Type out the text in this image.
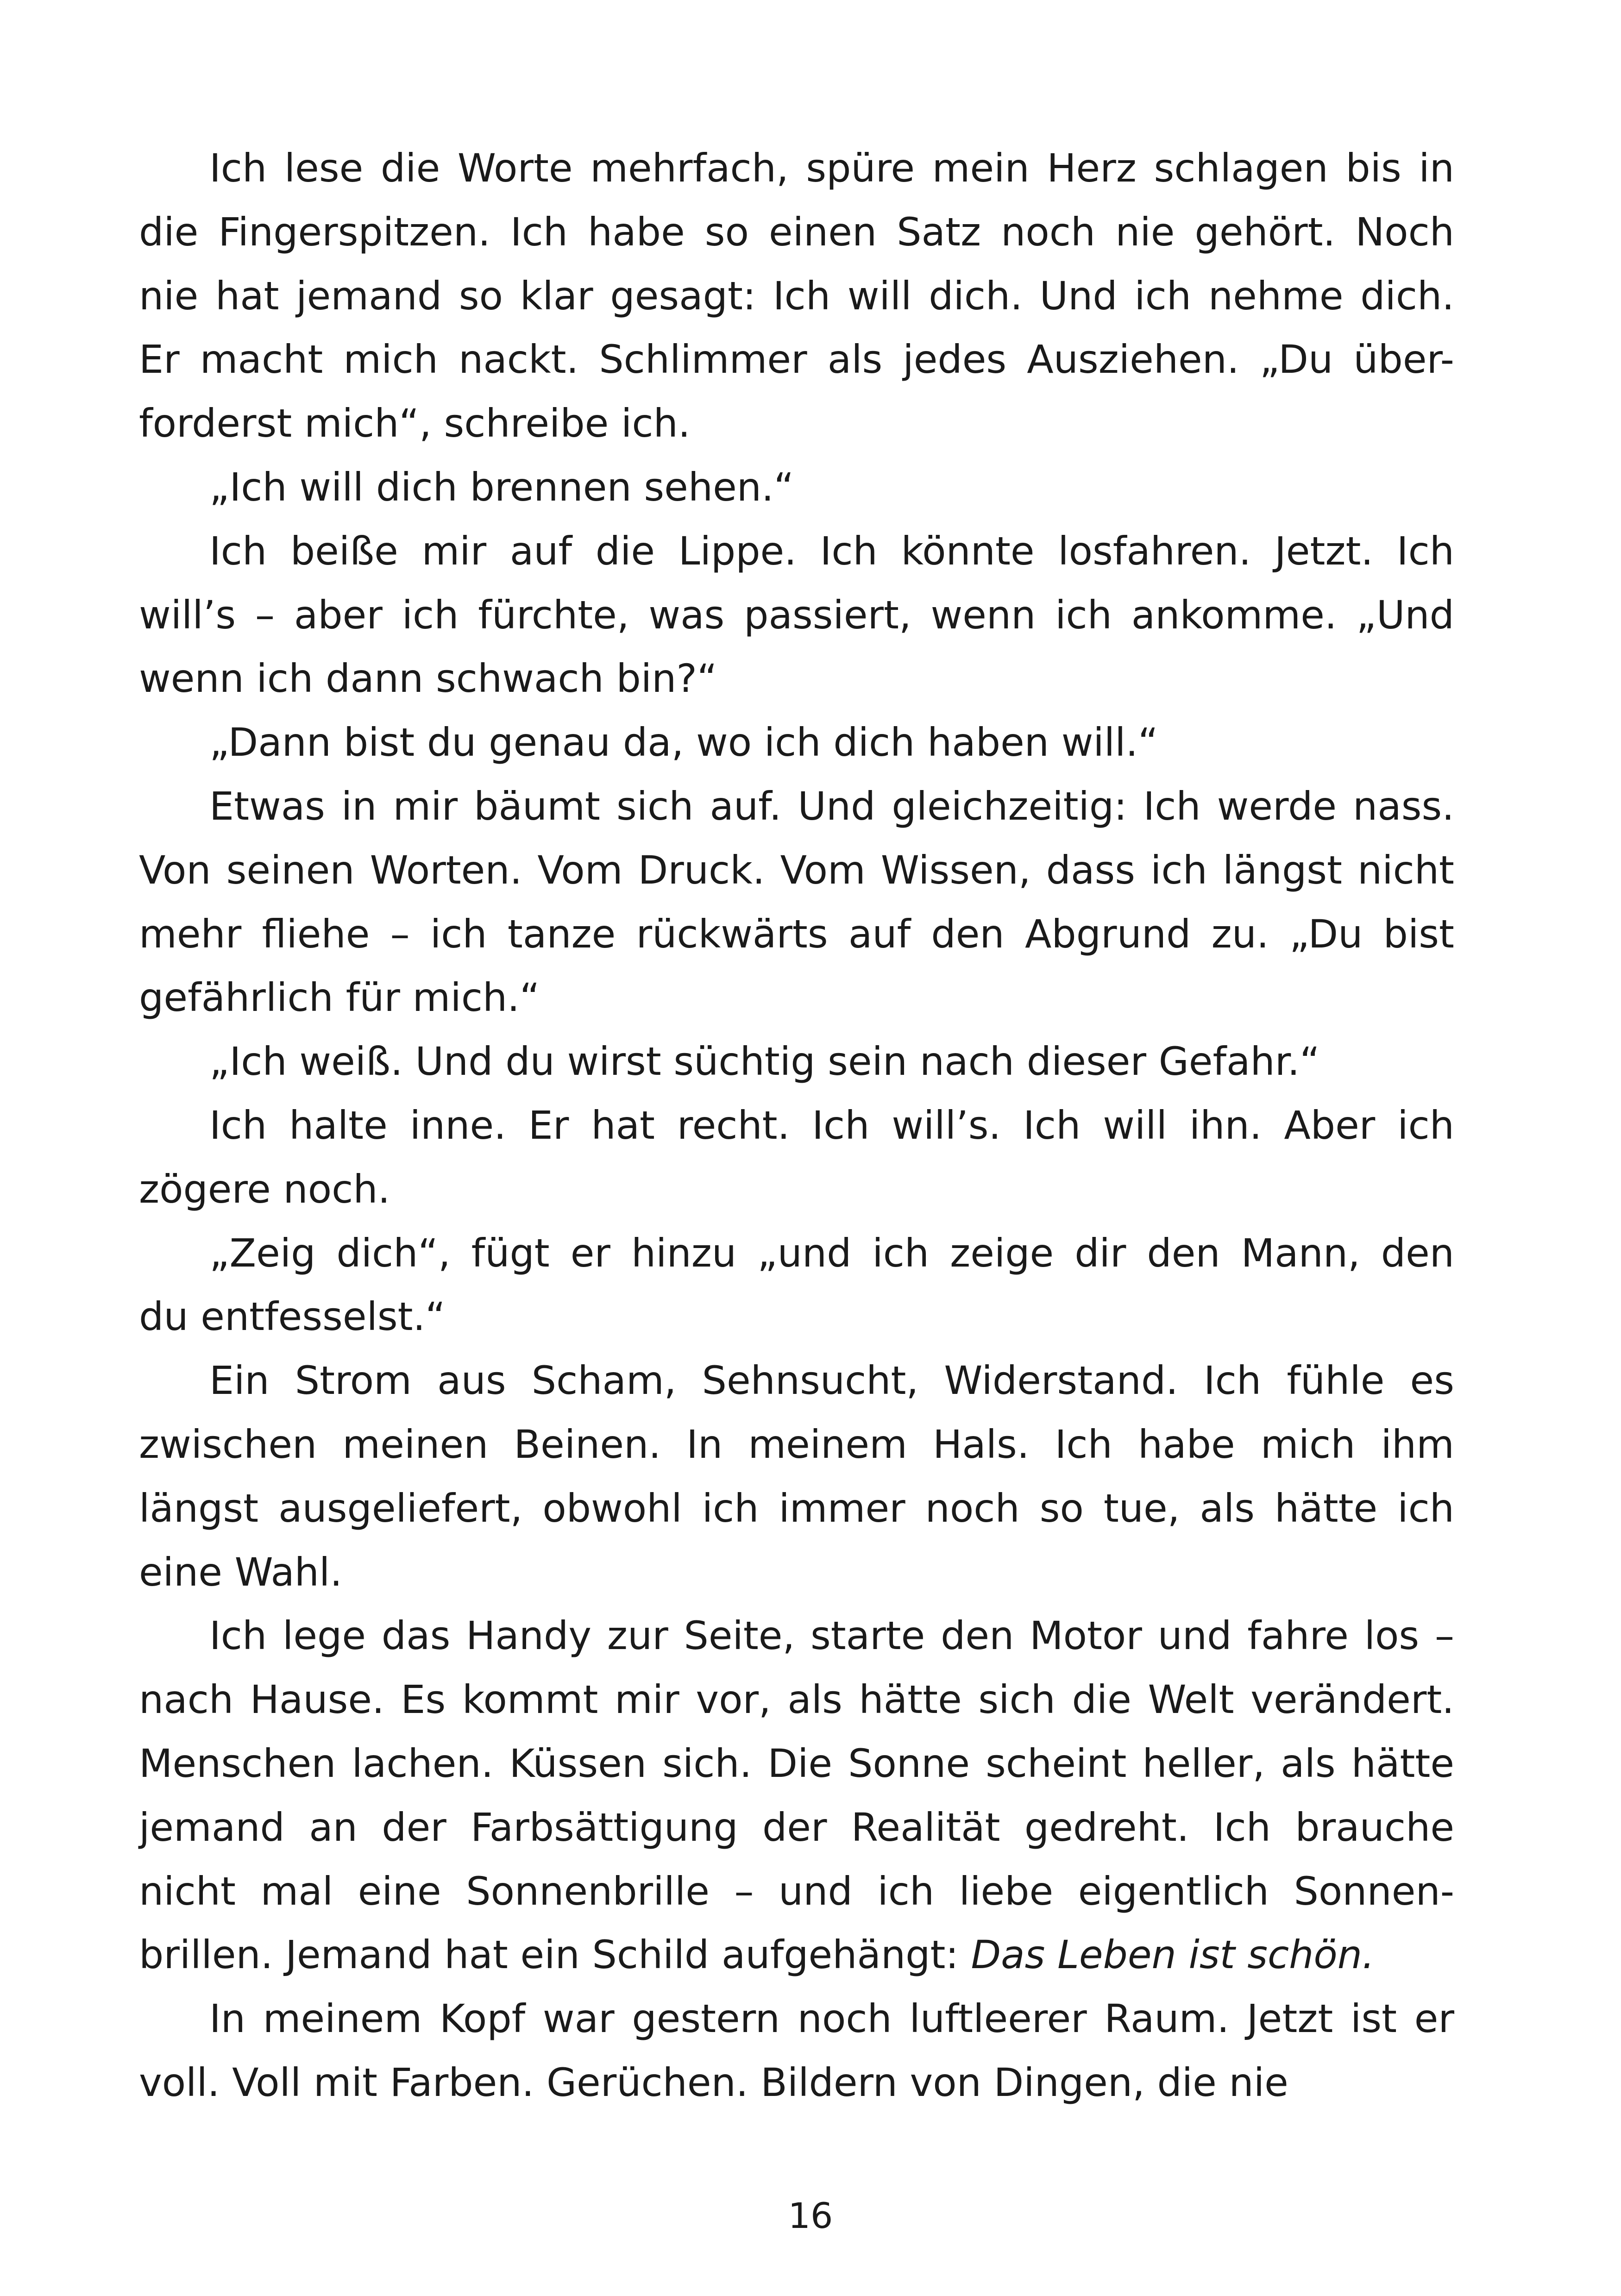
Ich lese die Worte mehrfach, spüre mein Herz schlagen bis in
die Fingerspitzen. Ich habe so einen Satz noch nie gehört. Noch
nie hat jemand so klar gesagt: Ich will dich. Und ich nehme dich.
Er macht mich nackt. Schlimmer als jedes Ausziehen. „Du über-
forderst mich“, schreibe ich.
„Ich will dich brennen sehen.“
Ich beiße mir auf die Lippe. Ich könnte losfahren. Jetzt. Ich
will’s – aber ich fürchte, was passiert, wenn ich ankomme. „Und
wenn ich dann schwach bin?“
„Dann bist du genau da, wo ich dich haben will.“
Etwas in mir bäumt sich auf. Und gleichzeitig: Ich werde nass.
Von seinen Worten. Vom Druck. Vom Wissen, dass ich längst nicht
mehr fliehe – ich tanze rückwärts auf den Abgrund zu. „Du bist
gefährlich für mich.“
„Ich weiß. Und du wirst süchtig sein nach dieser Gefahr.“
Ich halte inne. Er hat recht. Ich will’s. Ich will ihn. Aber ich
zögere noch.
„Zeig dich“, fügt er hinzu „und ich zeige dir den Mann, den
du entfesselst.“
Ein Strom aus Scham, Sehnsucht, Widerstand. Ich fühle es
zwischen meinen Beinen. In meinem Hals. Ich habe mich ihm
längst ausgeliefert, obwohl ich immer noch so tue, als hätte ich
eine Wahl.
Ich lege das Handy zur Seite, starte den Motor und fahre los –
nach Hause. Es kommt mir vor, als hätte sich die Welt verändert.
Menschen lachen. Küssen sich. Die Sonne scheint heller, als hätte
jemand an der Farbsättigung der Realität gedreht. Ich brauche
nicht mal eine Sonnenbrille – und ich liebe eigentlich Sonnen-
brillen. Jemand hat ein Schild aufgehängt: Das Leben ist schön.
In meinem Kopf war gestern noch luftleerer Raum. Jetzt ist er
voll. Voll mit Farben. Gerüchen. Bildern von Dingen, die nie
16
